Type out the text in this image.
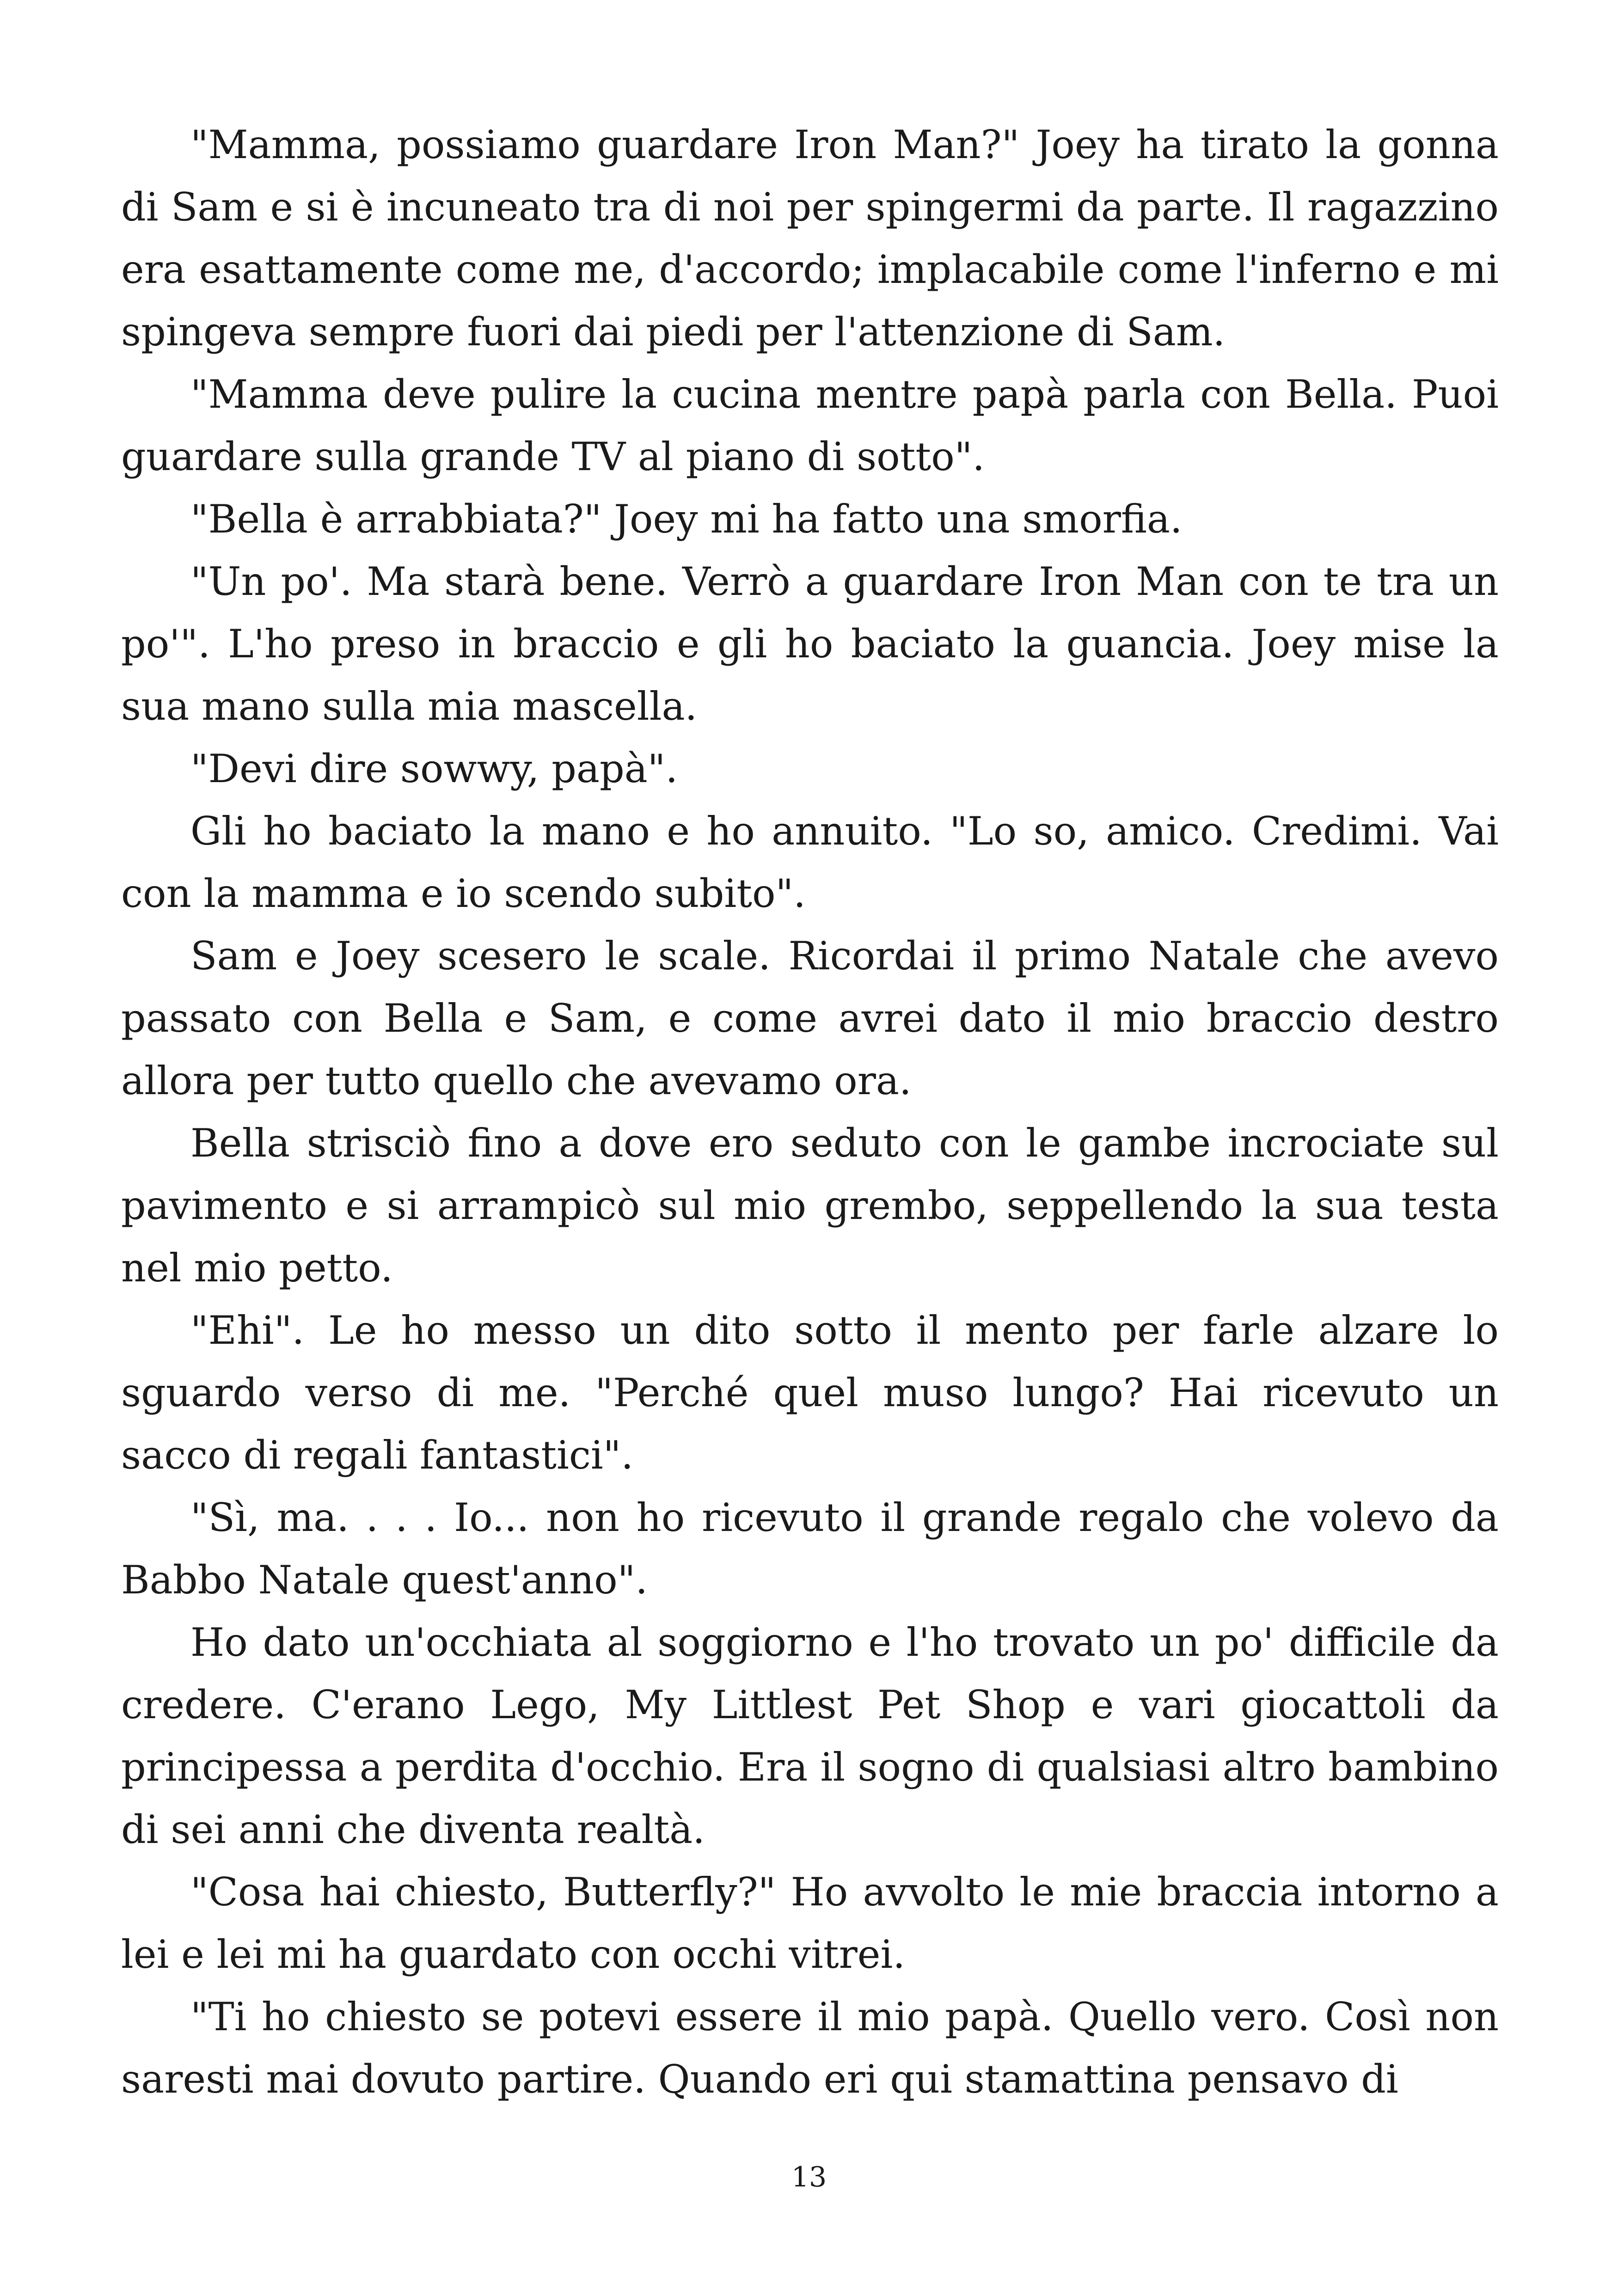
"Mamma, possiamo guardare Iron Man?" Joey ha tirato la gonna di Sam e si è incuneato tra di noi per spingermi da parte. Il ragazzino era esattamente come me, d'accordo; implacabile come l'inferno e mi spingeva sempre fuori dai piedi per l'attenzione di Sam.

"Mamma deve pulire la cucina mentre papà parla con Bella. Puoi guardare sulla grande TV al piano di sotto".

"Bella è arrabbiata?" Joey mi ha fatto una smorfia.

"Un po'. Ma starà bene. Verrò a guardare Iron Man con te tra un po'". L'ho preso in braccio e gli ho baciato la guancia. Joey mise la sua mano sulla mia mascella.

"Devi dire sowwy, papà".

Gli ho baciato la mano e ho annuito. "Lo so, amico. Credimi. Vai con la mamma e io scendo subito".

Sam e Joey scesero le scale. Ricordai il primo Natale che avevo passato con Bella e Sam, e come avrei dato il mio braccio destro allora per tutto quello che avevamo ora.

Bella strisciò fino a dove ero seduto con le gambe incrociate sul pavimento e si arrampicò sul mio grembo, seppellendo la sua testa nel mio petto.

"Ehi". Le ho messo un dito sotto il mento per farle alzare lo sguardo verso di me. "Perché quel muso lungo? Hai ricevuto un sacco di regali fantastici".

"Sì, ma. . . . Io... non ho ricevuto il grande regalo che volevo da Babbo Natale quest'anno".

Ho dato un'occhiata al soggiorno e l'ho trovato un po' difficile da credere. C'erano Lego, My Littlest Pet Shop e vari giocattoli da principessa a perdita d'occhio. Era il sogno di qualsiasi altro bambino di sei anni che diventa realtà.

"Cosa hai chiesto, Butterfly?" Ho avvolto le mie braccia intorno a lei e lei mi ha guardato con occhi vitrei.

"Ti ho chiesto se potevi essere il mio papà. Quello vero. Così non saresti mai dovuto partire. Quando eri qui stamattina pensavo di

13
